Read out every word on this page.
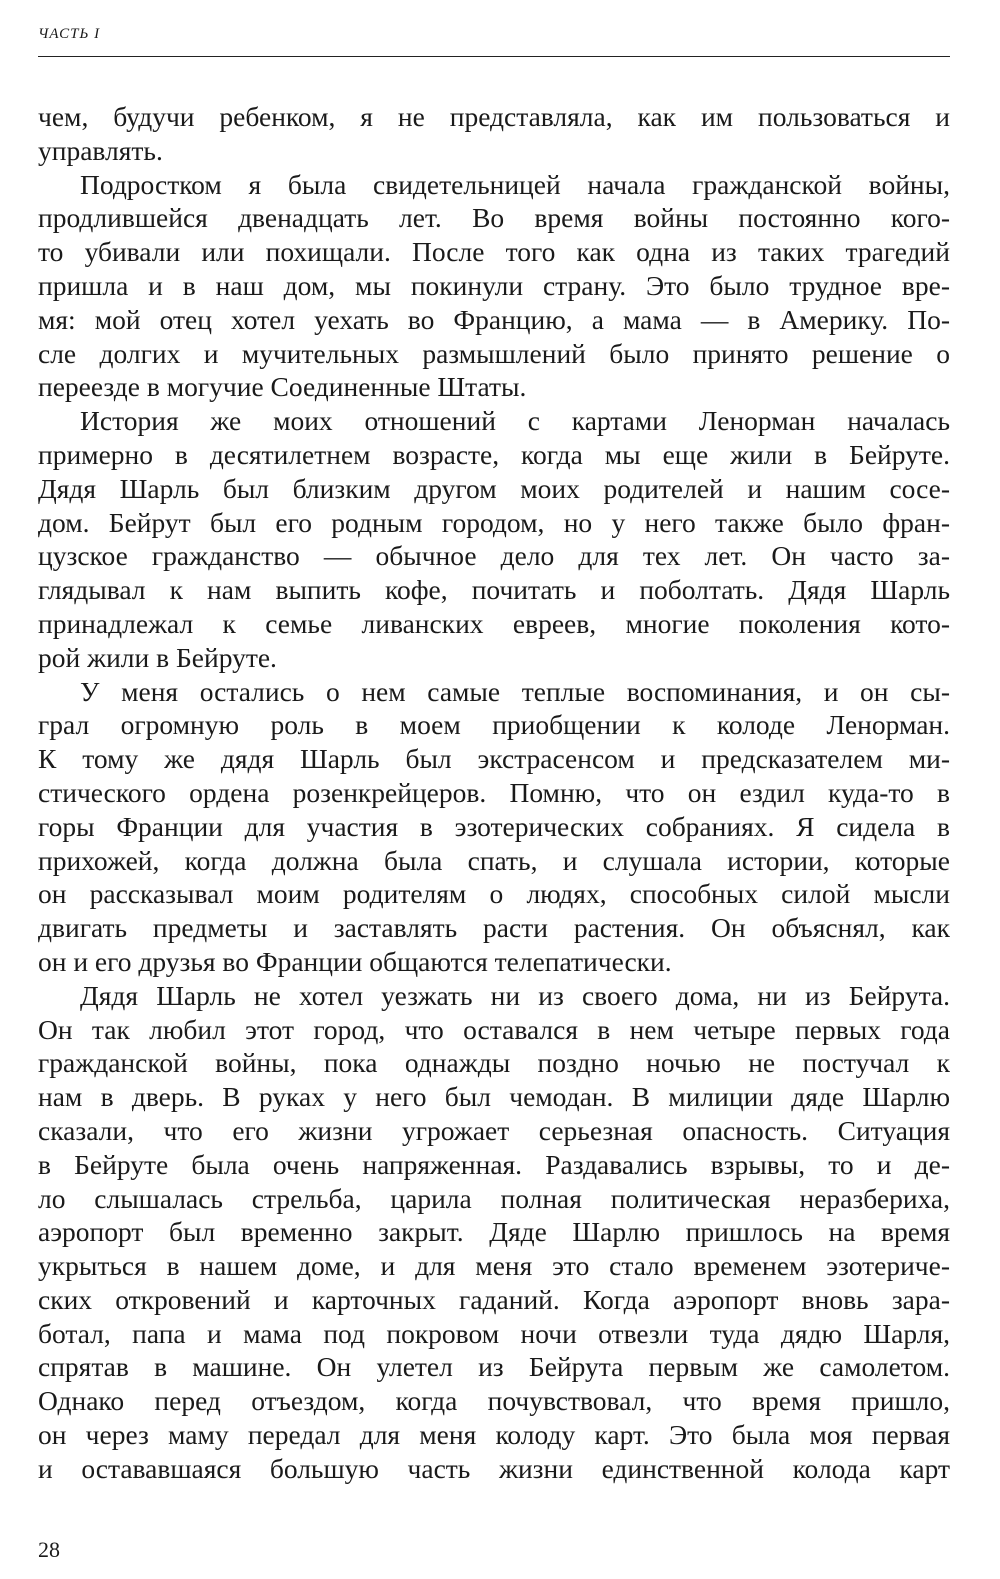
ЧАСТЬ I
чем, будучи ребенком, я не представляла, как им пользоваться и
управлять.
Подростком я была свидетельницей начала гражданской войны,
продлившейся двенадцать лет. Во время войны постоянно кого-
то убивали или похищали. После того как одна из таких трагедий
пришла и в наш дом, мы покинули страну. Это было трудное вре-
мя: мой отец хотел уехать во Францию, а мама — в Америку. По-
сле долгих и мучительных размышлений было принято решение о
переезде в могучие Соединенные Штаты.
История же моих отношений с картами Ленорман началась
примерно в десятилетнем возрасте, когда мы еще жили в Бейруте.
Дядя Шарль был близким другом моих родителей и нашим сосе-
дом. Бейрут был его родным городом, но у него также было фран-
цузское гражданство — обычное дело для тех лет. Он часто за-
глядывал к нам выпить кофе, почитать и поболтать. Дядя Шарль
принадлежал к семье ливанских евреев, многие поколения кото-
рой жили в Бейруте.
У меня остались о нем самые теплые воспоминания, и он сы-
грал огромную роль в моем приобщении к колоде Ленорман.
К тому же дядя Шарль был экстрасенсом и предсказателем ми-
стического ордена розенкрейцеров. Помню, что он ездил куда-то в
горы Франции для участия в эзотерических собраниях. Я сидела в
прихожей, когда должна была спать, и слушала истории, которые
он рассказывал моим родителям о людях, способных силой мысли
двигать предметы и заставлять расти растения. Он объяснял, как
он и его друзья во Франции общаются телепатически.
Дядя Шарль не хотел уезжать ни из своего дома, ни из Бейрута.
Он так любил этот город, что оставался в нем четыре первых года
гражданской войны, пока однажды поздно ночью не постучал к
нам в дверь. В руках у него был чемодан. В милиции дяде Шарлю
сказали, что его жизни угрожает серьезная опасность. Ситуация
в Бейруте была очень напряженная. Раздавались взрывы, то и де-
ло слышалась стрельба, царила полная политическая неразбериха,
аэропорт был временно закрыт. Дяде Шарлю пришлось на время
укрыться в нашем доме, и для меня это стало временем эзотериче-
ских откровений и карточных гаданий. Когда аэропорт вновь зара-
ботал, папа и мама под покровом ночи отвезли туда дядю Шарля,
спрятав в машине. Он улетел из Бейрута первым же самолетом.
Однако перед отъездом, когда почувствовал, что время пришло,
он через маму передал для меня колоду карт. Это была моя первая
и остававшаяся большую часть жизни единственной колода карт
28
